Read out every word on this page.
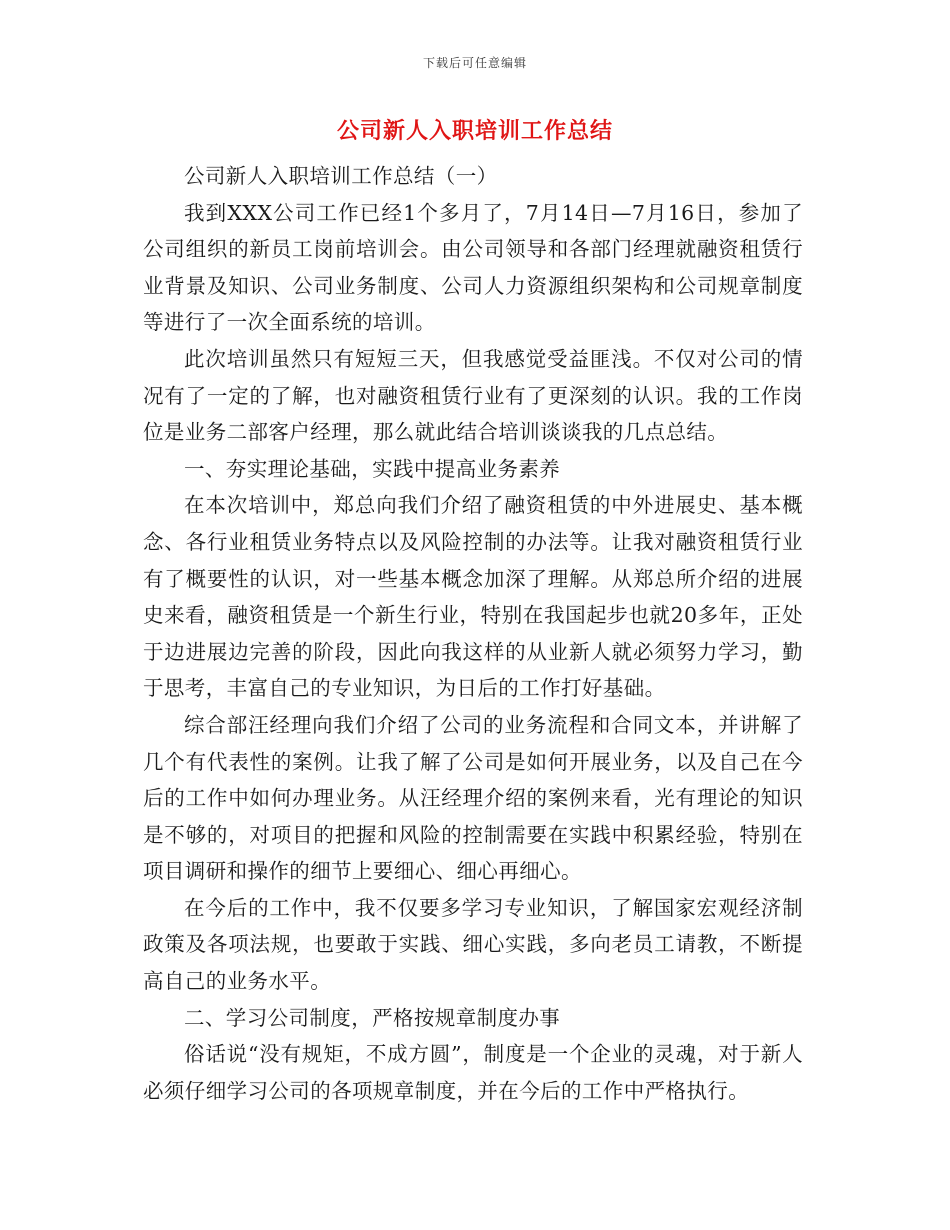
下载后可任意编辑
公司新人入职培训工作总结

公司新人入职培训工作总结（一）

我到XXX公司工作已经1个多月了，7月14日—7月16日，参加了公司组织的新员工岗前培训会。由公司领导和各部门经理就融资租赁行业背景及知识、公司业务制度、公司人力资源组织架构和公司规章制度等进行了一次全面系统的培训。

此次培训虽然只有短短三天，但我感觉受益匪浅。不仅对公司的情况有了一定的了解，也对融资租赁行业有了更深刻的认识。我的工作岗位是业务二部客户经理，那么就此结合培训谈谈我的几点总结。

一、夯实理论基础，实践中提高业务素养

在本次培训中，郑总向我们介绍了融资租赁的中外进展史、基本概念、各行业租赁业务特点以及风险控制的办法等。让我对融资租赁行业有了概要性的认识，对一些基本概念加深了理解。从郑总所介绍的进展史来看，融资租赁是一个新生行业，特别在我国起步也就20多年，正处于边进展边完善的阶段，因此向我这样的从业新人就必须努力学习，勤于思考，丰富自己的专业知识，为日后的工作打好基础。

综合部汪经理向我们介绍了公司的业务流程和合同文本，并讲解了几个有代表性的案例。让我了解了公司是如何开展业务，以及自己在今后的工作中如何办理业务。从汪经理介绍的案例来看，光有理论的知识是不够的，对项目的把握和风险的控制需要在实践中积累经验，特别在项目调研和操作的细节上要细心、细心再细心。

在今后的工作中，我不仅要多学习专业知识，了解国家宏观经济制政策及各项法规，也要敢于实践、细心实践，多向老员工请教，不断提高自己的业务水平。

二、学习公司制度，严格按规章制度办事

俗话说“没有规矩，不成方圆”，制度是一个企业的灵魂，对于新人必须仔细学习公司的各项规章制度，并在今后的工作中严格执行。
